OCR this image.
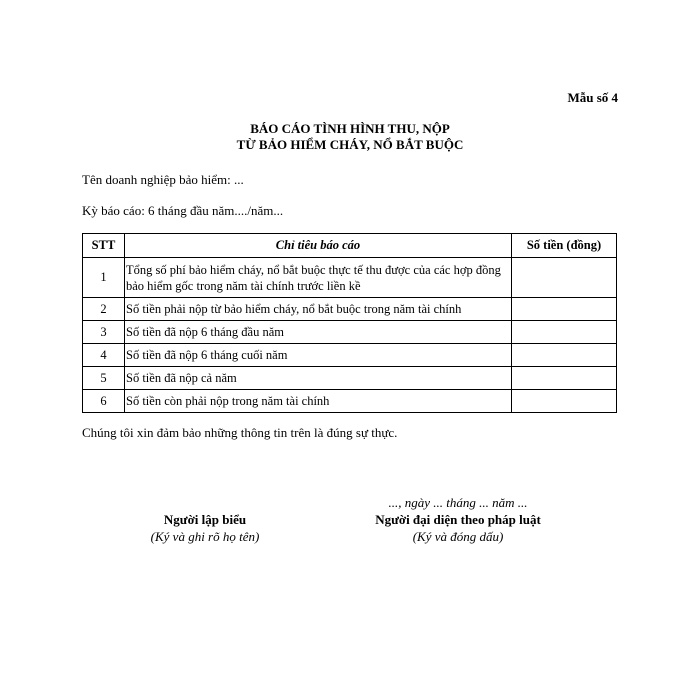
Mẫu số 4
BÁO CÁO TÌNH HÌNH THU, NỘP
TỪ BẢO HIỂM CHÁY, NỔ BẮT BUỘC
Tên doanh nghiệp bảo hiểm: ...
Kỳ báo cáo: 6 tháng đầu năm..../năm...
STT	Chỉ tiêu báo cáo	Số tiền (đồng)
1	Tổng số phí bảo hiểm cháy, nổ bắt buộc thực tế thu được của các hợp đồng bảo hiểm gốc trong năm tài chính trước liền kề	
2	Số tiền phải nộp từ bảo hiểm cháy, nổ bắt buộc trong năm tài chính	
3	Số tiền đã nộp 6 tháng đầu năm	
4	Số tiền đã nộp 6 tháng cuối năm	
5	Số tiền đã nộp cả năm	
6	Số tiền còn phải nộp trong năm tài chính	
Chúng tôi xin đảm bảo những thông tin trên là đúng sự thực.
Người lập biểu
(Ký và ghi rõ họ tên)
..., ngày ... tháng ... năm ...
Người đại diện theo pháp luật
(Ký và đóng dấu)
